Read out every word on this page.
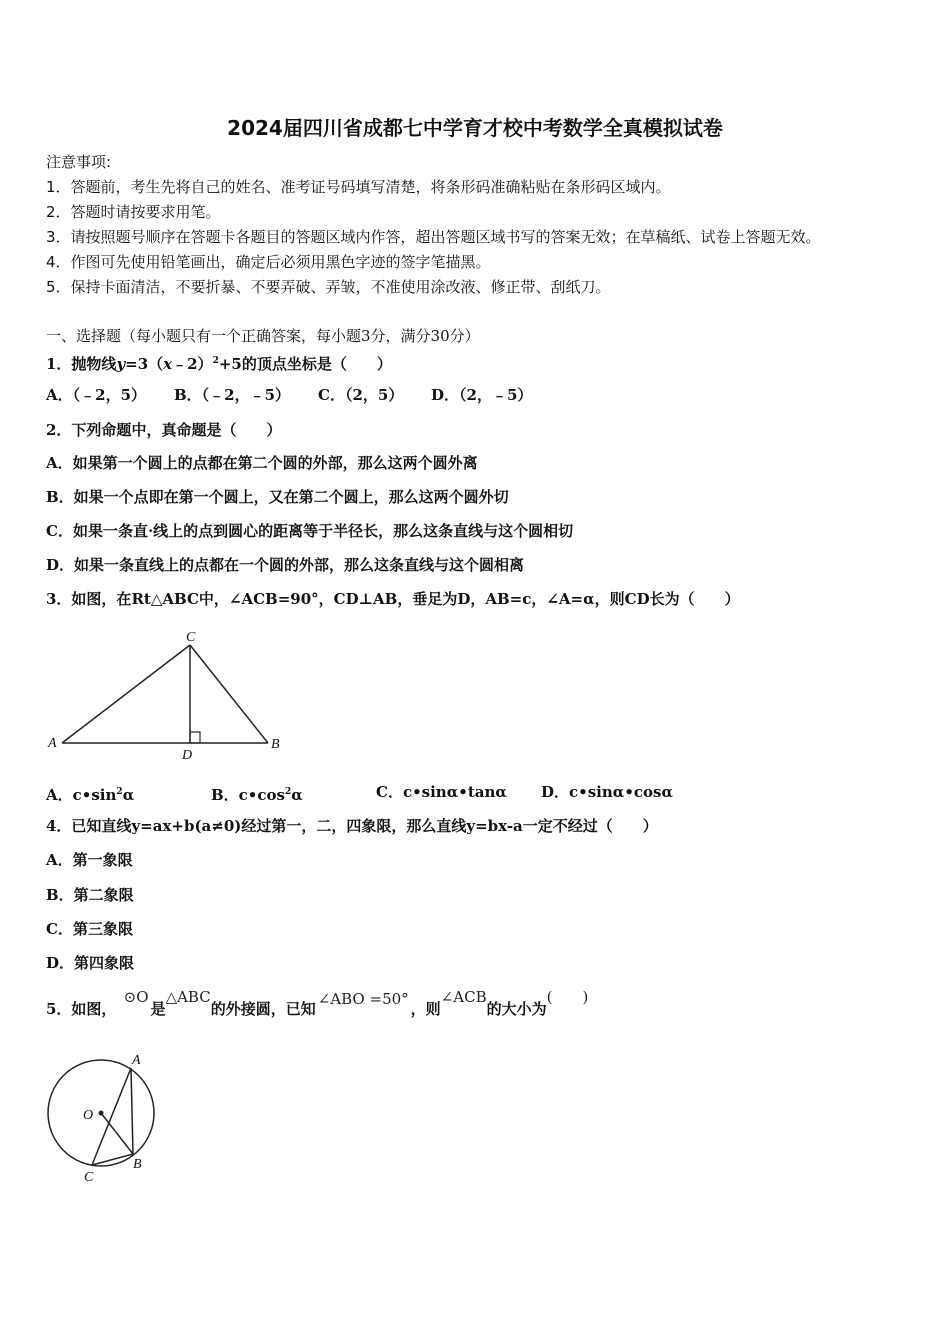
2024届四川省成都七中学育才校中考数学全真模拟试卷
注意事项:
1．答题前，考生先将自己的姓名、准考证号码填写清楚，将条形码准确粘贴在条形码区域内。
2．答题时请按要求用笔。
3．请按照题号顺序在答题卡各题目的答题区域内作答，超出答题区域书写的答案无效；在草稿纸、试卷上答题无效。
4．作图可先使用铅笔画出，确定后必须用黑色字迹的签字笔描黑。
5．保持卡面清洁，不要折暴、不要弄破、弄皱，不准使用涂改液、修正带、刮纸刀。
一、选择题（每小题只有一个正确答案，每小题3分，满分30分）
1．抛物线y=3（x﹣2）$^2$+5的顶点坐标是（　　）
A．（﹣2，5） B．（﹣2，﹣5） C．（2，5） D．（2，﹣5）
2．下列命题中，真命题是（　　）
A．如果第一个圆上的点都在第二个圆的外部，那么这两个圆外离
B．如果一个点即在第一个圆上，又在第二个圆上，那么这两个圆外切
C．如果一条直·线上的点到圆心的距离等于半径长，那么这条直线与这个圆相切
D．如果一条直线上的点都在一个圆的外部，那么这条直线与这个圆相离
3．如图，在Rt△ABC中，∠ACB=90°，CD⊥AB，垂足为D，AB=c，∠A=α，则CD长为（　　）
C
A	B
D
A．$c•\sin^2\alpha$	B．$c•\cos^2\alpha$	C．c•sinα•tanα D．c•sinα•cosα
4．已知直线y=ax+b(a≠0)经过第一，二，四象限，那么直线y=bx-a一定不经过（　　）
A．第一象限
B．第二象限
C．第三象限
D．第四象限
5．如图， ⊙O是△ABC的外接圆，已知∠ABO =50°，则∠ACB的大小为(　　)
A
O
B
C
